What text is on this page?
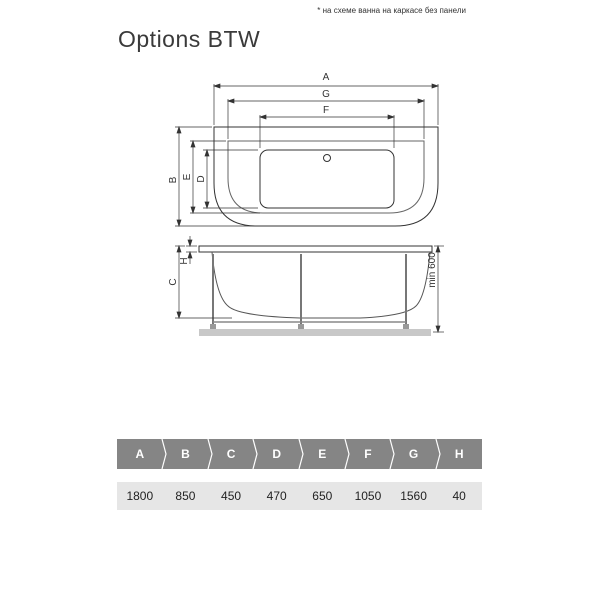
* на схеме ванна на каркасе без панели
Options BTW
A
G
F
B E D
H
C	min 600
A	B	C	D	E	F	G	H

1800	850	450	470	650	1050	1560	40
